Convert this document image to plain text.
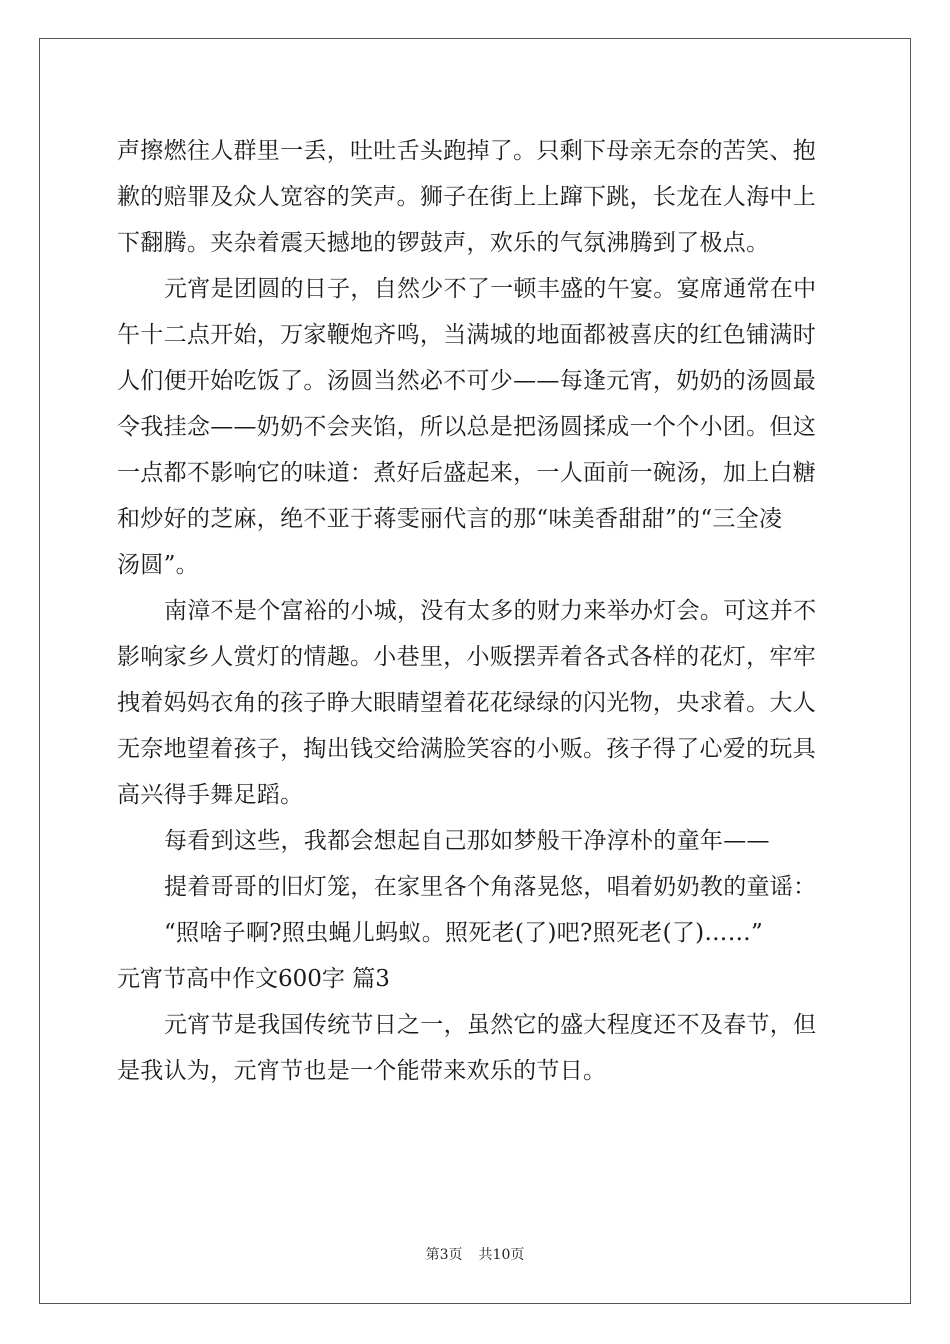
声擦燃往人群里一丢，吐吐舌头跑掉了。只剩下母亲无奈的苦笑、抱
歉的赔罪及众人宽容的笑声。狮子在街上上蹿下跳，长龙在人海中上
下翻腾。夹杂着震天撼地的锣鼓声，欢乐的气氛沸腾到了极点。
元宵是团圆的日子，自然少不了一顿丰盛的午宴。宴席通常在中
午十二点开始，万家鞭炮齐鸣，当满城的地面都被喜庆的红色铺满时
人们便开始吃饭了。汤圆当然必不可少——每逢元宵，奶奶的汤圆最
令我挂念——奶奶不会夹馅，所以总是把汤圆揉成一个个小团。但这
一点都不影响它的味道：煮好后盛起来，一人面前一碗汤，加上白糖
和炒好的芝麻，绝不亚于蒋雯丽代言的那“味美香甜甜”的“三全凌
汤圆”。
南漳不是个富裕的小城，没有太多的财力来举办灯会。可这并不
影响家乡人赏灯的情趣。小巷里，小贩摆弄着各式各样的花灯，牢牢
拽着妈妈衣角的孩子睁大眼睛望着花花绿绿的闪光物，央求着。大人
无奈地望着孩子，掏出钱交给满脸笑容的小贩。孩子得了心爱的玩具
高兴得手舞足蹈。
每看到这些，我都会想起自己那如梦般干净淳朴的童年——
提着哥哥的旧灯笼，在家里各个角落晃悠，唱着奶奶教的童谣：
“照啥子啊?照虫蝇儿蚂蚁。照死老(了)吧?照死老(了)……”
元宵节高中作文600字 篇3
元宵节是我国传统节日之一，虽然它的盛大程度还不及春节，但
是我认为，元宵节也是一个能带来欢乐的节日。
第3页 共10页
